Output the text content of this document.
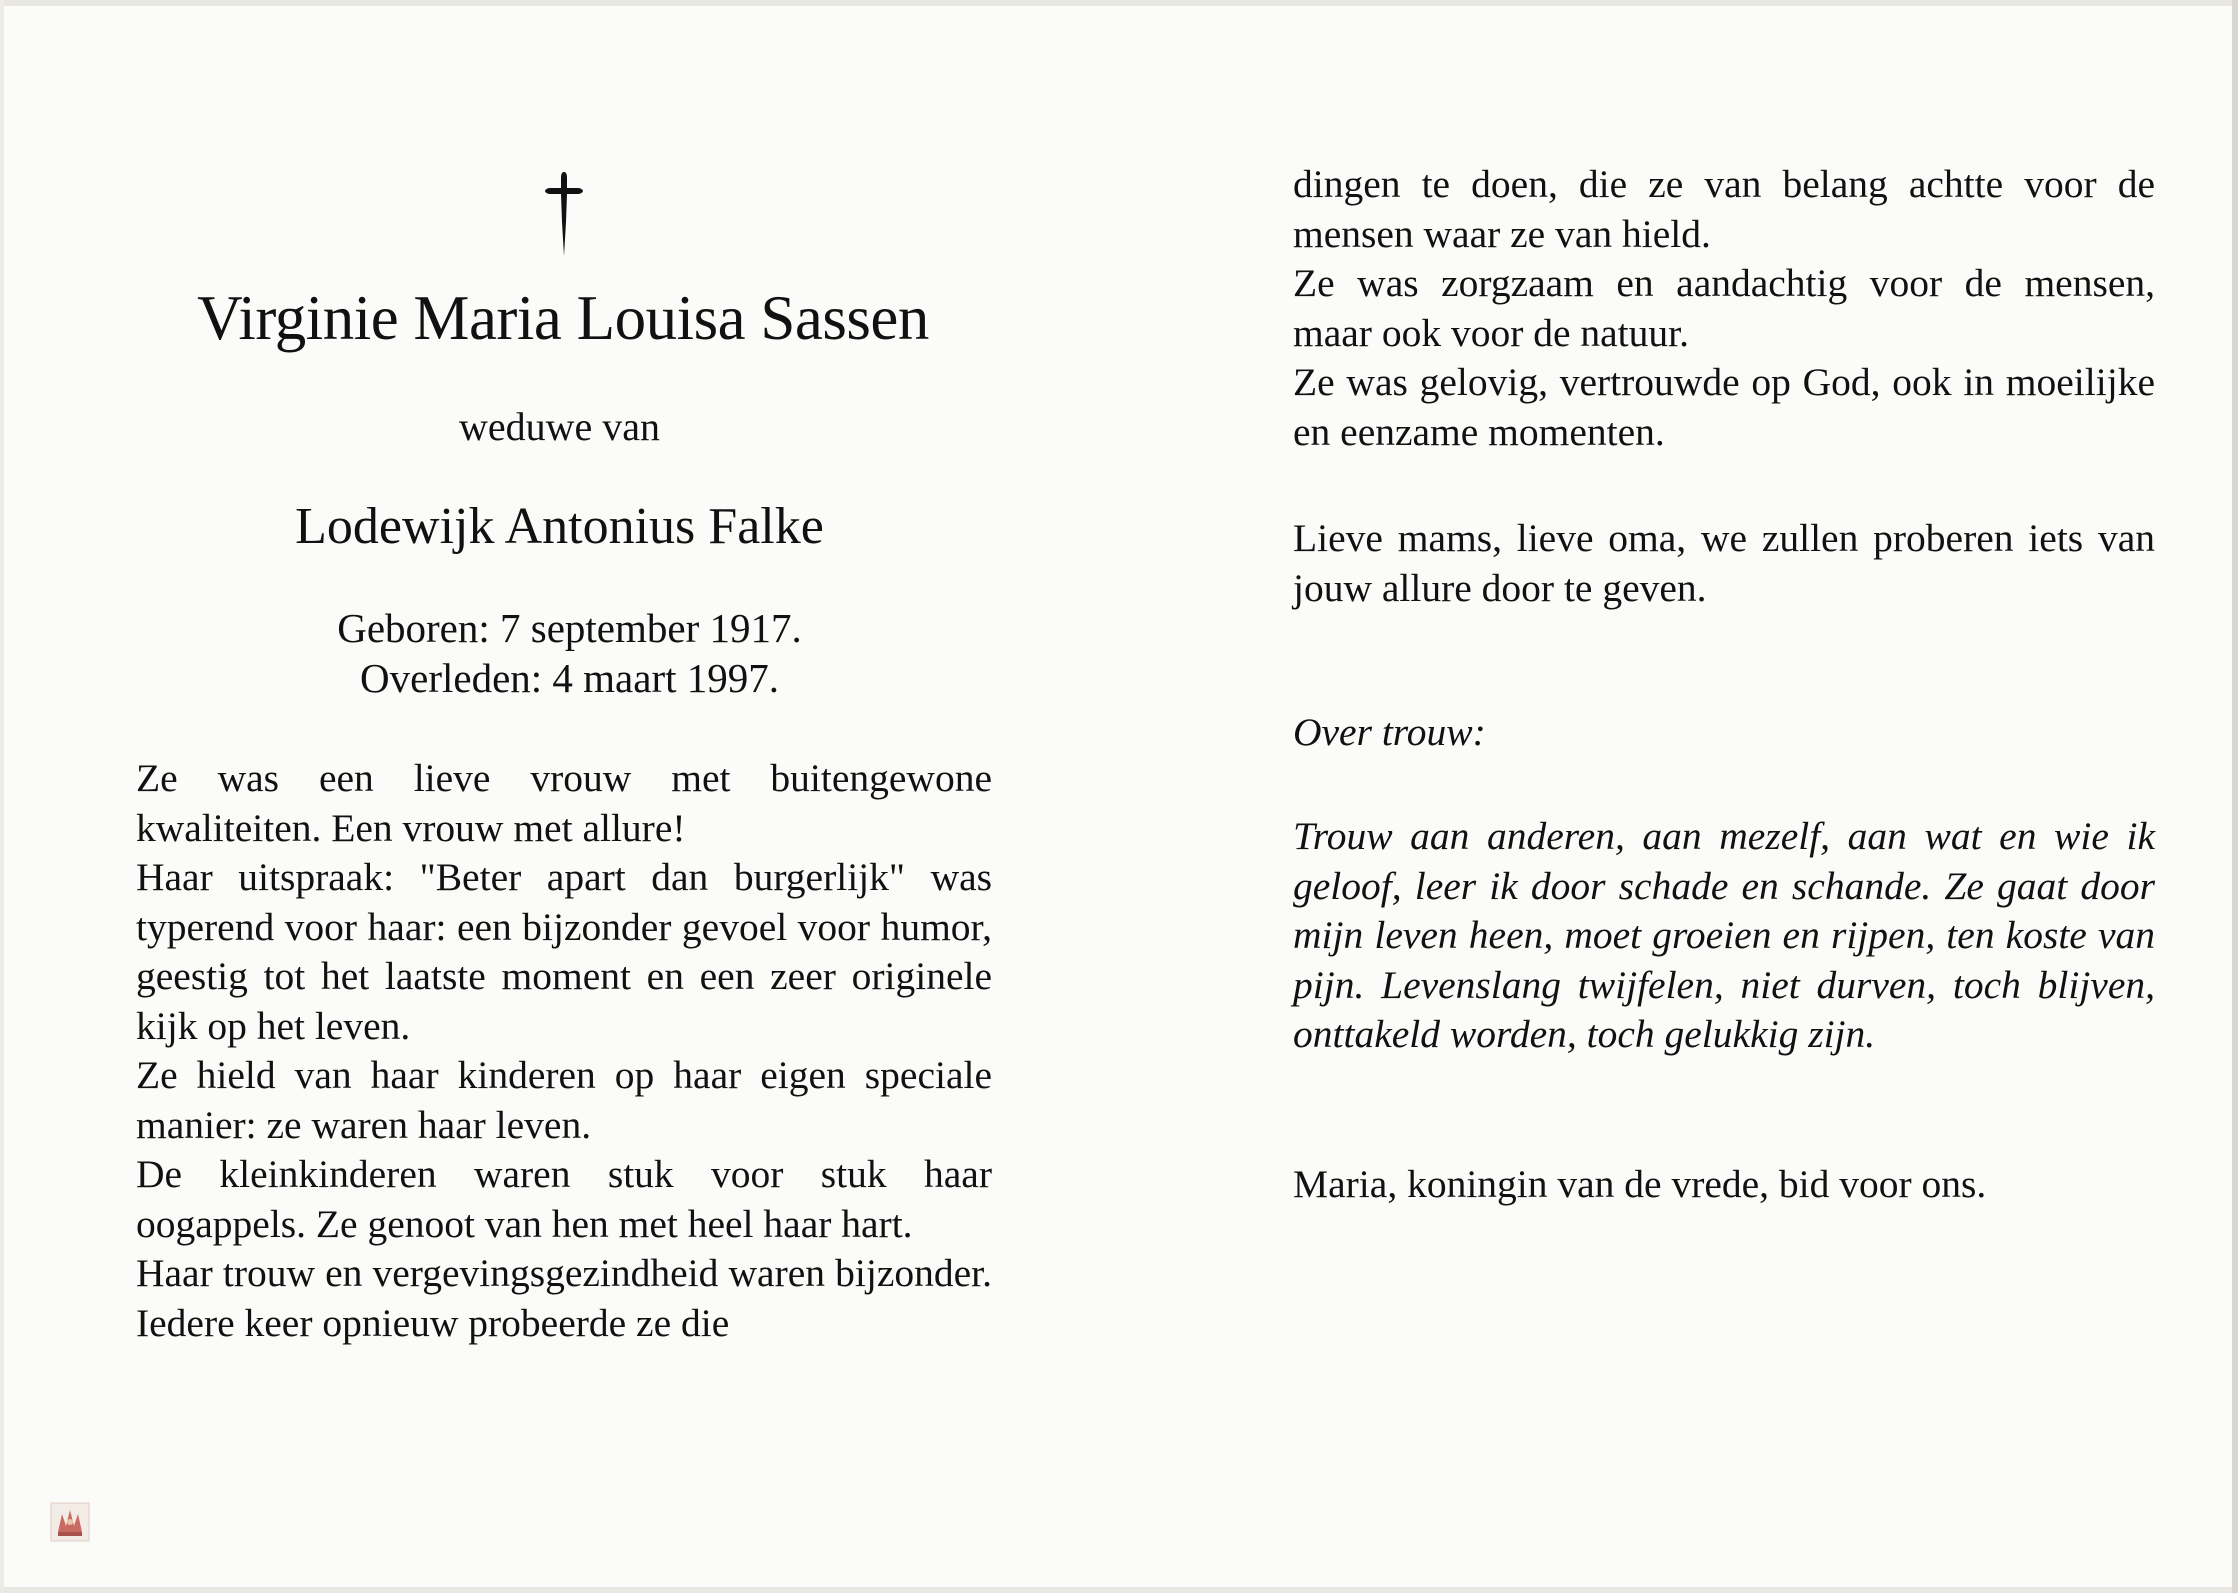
Virginie Maria Louisa Sassen
weduwe van
Lodewijk Antonius Falke
Geboren: 7 september 1917.
Overleden: 4 maart 1997.
Ze was een lieve vrouw met buitengewone kwaliteiten. Een vrouw met allure!
Haar uitspraak: "Beter apart dan burgerlijk" was typerend voor haar: een bijzonder gevoel voor humor, geestig tot het laatste moment en een zeer originele kijk op het leven.
Ze hield van haar kinderen op haar eigen speciale manier: ze waren haar leven.
De kleinkinderen waren stuk voor stuk haar oogappels. Ze genoot van hen met heel haar hart.
Haar trouw en vergevingsgezindheid waren bijzonder. Iedere keer opnieuw probeerde ze die
dingen te doen, die ze van belang achtte voor de mensen waar ze van hield.
Ze was zorgzaam en aandachtig voor de mensen, maar ook voor de natuur.
Ze was gelovig, vertrouwde op God, ook in moeilijke en eenzame momenten.
Lieve mams, lieve oma, we zullen proberen iets van jouw allure door te geven.
Over trouw:
Trouw aan anderen, aan mezelf, aan wat en wie ik geloof, leer ik door schade en schande. Ze gaat door mijn leven heen, moet groeien en rijpen, ten koste van pijn. Levenslang twijfelen, niet durven, toch blijven, onttakeld worden, toch gelukkig zijn.
Maria, koningin van de vrede, bid voor ons.
